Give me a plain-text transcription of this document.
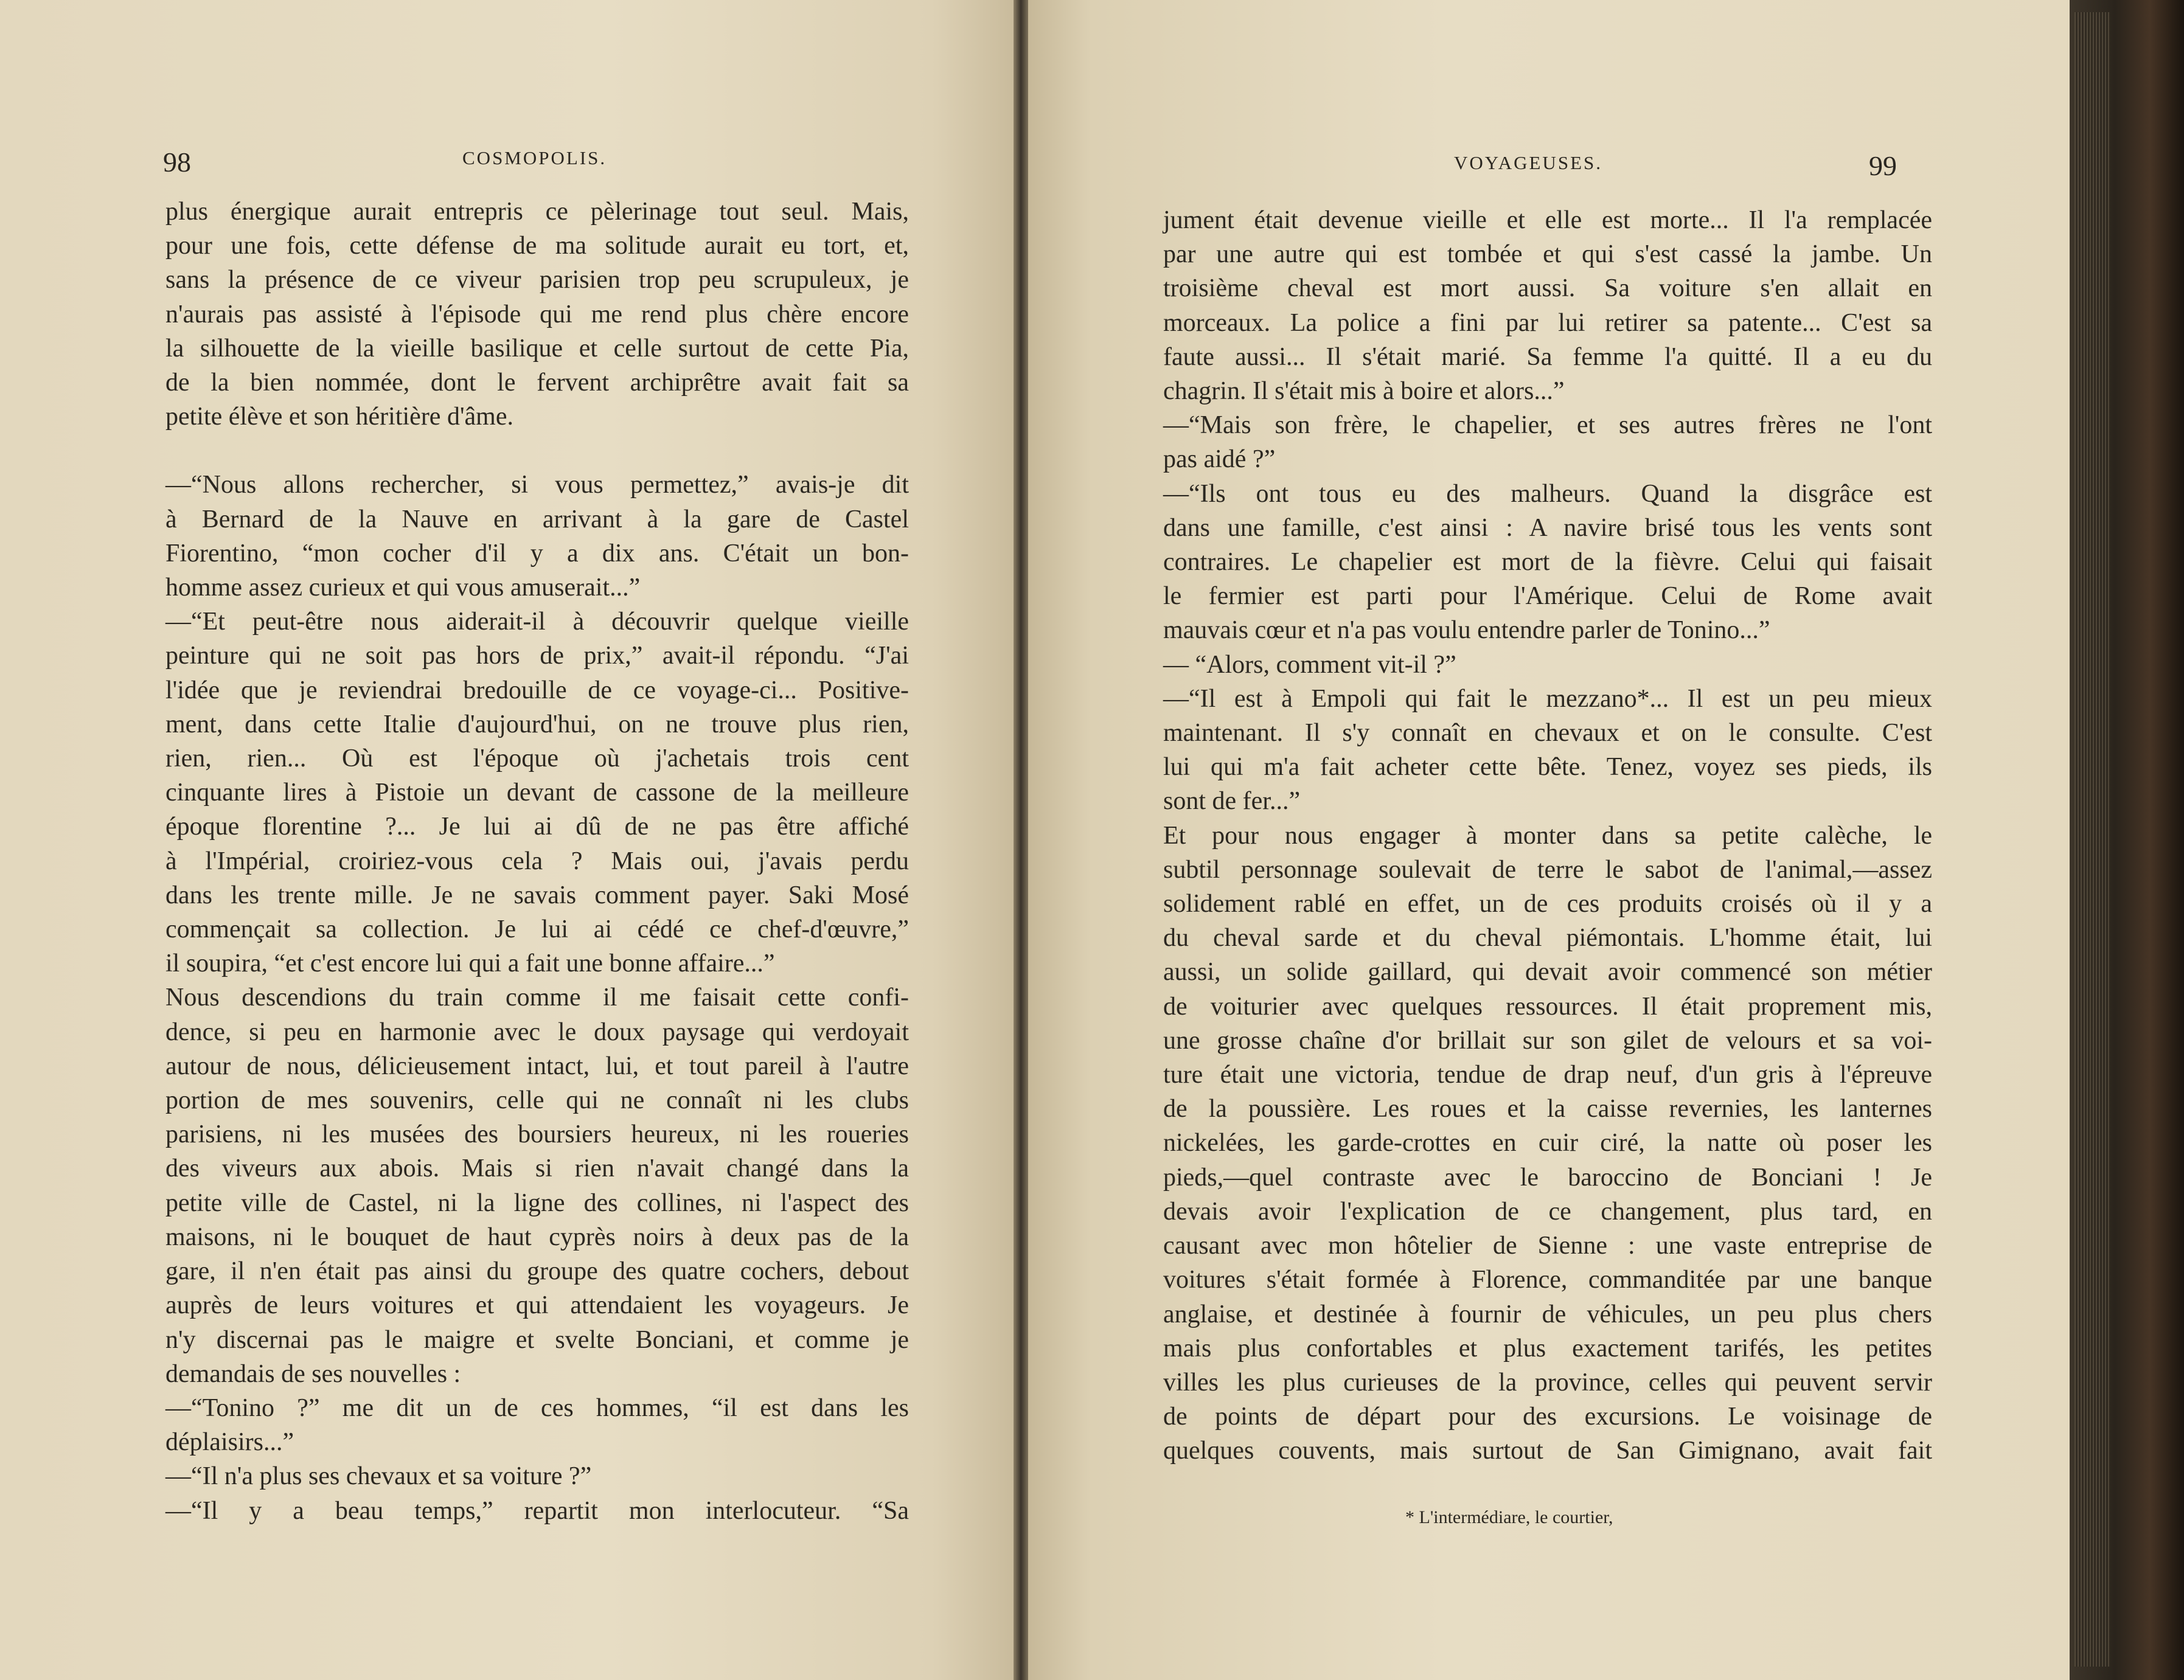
98	COSMOPOLIS.
plus énergique aurait entrepris ce pèlerinage tout seul. Mais,
pour une fois, cette défense de ma solitude aurait eu tort, et,
sans la présence de ce viveur parisien trop peu scrupuleux, je
n'aurais pas assisté à l'épisode qui me rend plus chère encore
la silhouette de la vieille basilique et celle surtout de cette Pia,
de la bien nommée, dont le fervent archiprêtre avait fait sa
petite élève et son héritière d'âme.
—“Nous allons rechercher, si vous permettez,” avais-je dit
à Bernard de la Nauve en arrivant à la gare de Castel
Fiorentino, “mon cocher d'il y a dix ans. C'était un bon-
homme assez curieux et qui vous amuserait...”
—“Et peut-être nous aiderait-il à découvrir quelque vieille
peinture qui ne soit pas hors de prix,” avait-il répondu. “J'ai
l'idée que je reviendrai bredouille de ce voyage-ci... Positive-
ment, dans cette Italie d'aujourd'hui, on ne trouve plus rien,
rien, rien... Où est l'époque où j'achetais trois cent
cinquante lires à Pistoie un devant de cassone de la meilleure
époque florentine ?... Je lui ai dû de ne pas être affiché
à l'Impérial, croiriez-vous cela ? Mais oui, j'avais perdu
dans les trente mille. Je ne savais comment payer. Saki Mosé
commençait sa collection. Je lui ai cédé ce chef-d'œuvre,”
il soupira, “et c'est encore lui qui a fait une bonne affaire...”
Nous descendions du train comme il me faisait cette confi-
dence, si peu en harmonie avec le doux paysage qui verdoyait
autour de nous, délicieusement intact, lui, et tout pareil à l'autre
portion de mes souvenirs, celle qui ne connaît ni les clubs
parisiens, ni les musées des boursiers heureux, ni les roueries
des viveurs aux abois. Mais si rien n'avait changé dans la
petite ville de Castel, ni la ligne des collines, ni l'aspect des
maisons, ni le bouquet de haut cyprès noirs à deux pas de la
gare, il n'en était pas ainsi du groupe des quatre cochers, debout
auprès de leurs voitures et qui attendaient les voyageurs. Je
n'y discernai pas le maigre et svelte Bonciani, et comme je
demandais de ses nouvelles :
—“Tonino ?” me dit un de ces hommes, “il est dans les
déplaisirs...”
—“Il n'a plus ses chevaux et sa voiture ?”
—“Il y a beau temps,” repartit mon interlocuteur. “Sa
VOYAGEUSES.	99
jument était devenue vieille et elle est morte... Il l'a remplacée
par une autre qui est tombée et qui s'est cassé la jambe. Un
troisième cheval est mort aussi. Sa voiture s'en allait en
morceaux. La police a fini par lui retirer sa patente... C'est sa
faute aussi... Il s'était marié. Sa femme l'a quitté. Il a eu du
chagrin. Il s'était mis à boire et alors...”
—“Mais son frère, le chapelier, et ses autres frères ne l'ont
pas aidé ?”
—“Ils ont tous eu des malheurs. Quand la disgrâce est
dans une famille, c'est ainsi : A navire brisé tous les vents sont
contraires. Le chapelier est mort de la fièvre. Celui qui faisait
le fermier est parti pour l'Amérique. Celui de Rome avait
mauvais cœur et n'a pas voulu entendre parler de Tonino...”
— “Alors, comment vit-il ?”
—“Il est à Empoli qui fait le mezzano*... Il est un peu mieux
maintenant. Il s'y connaît en chevaux et on le consulte. C'est
lui qui m'a fait acheter cette bête. Tenez, voyez ses pieds, ils
sont de fer...”
Et pour nous engager à monter dans sa petite calèche, le
subtil personnage soulevait de terre le sabot de l'animal,—assez
solidement rablé en effet, un de ces produits croisés où il y a
du cheval sarde et du cheval piémontais. L'homme était, lui
aussi, un solide gaillard, qui devait avoir commencé son métier
de voiturier avec quelques ressources. Il était proprement mis,
une grosse chaîne d'or brillait sur son gilet de velours et sa voi-
ture était une victoria, tendue de drap neuf, d'un gris à l'épreuve
de la poussière. Les roues et la caisse revernies, les lanternes
nickelées, les garde-crottes en cuir ciré, la natte où poser les
pieds,—quel contraste avec le baroccino de Bonciani ! Je
devais avoir l'explication de ce changement, plus tard, en
causant avec mon hôtelier de Sienne : une vaste entreprise de
voitures s'était formée à Florence, commanditée par une banque
anglaise, et destinée à fournir de véhicules, un peu plus chers
mais plus confortables et plus exactement tarifés, les petites
villes les plus curieuses de la province, celles qui peuvent servir
de points de départ pour des excursions. Le voisinage de
quelques couvents, mais surtout de San Gimignano, avait fait
* L'intermédiare, le courtier,
